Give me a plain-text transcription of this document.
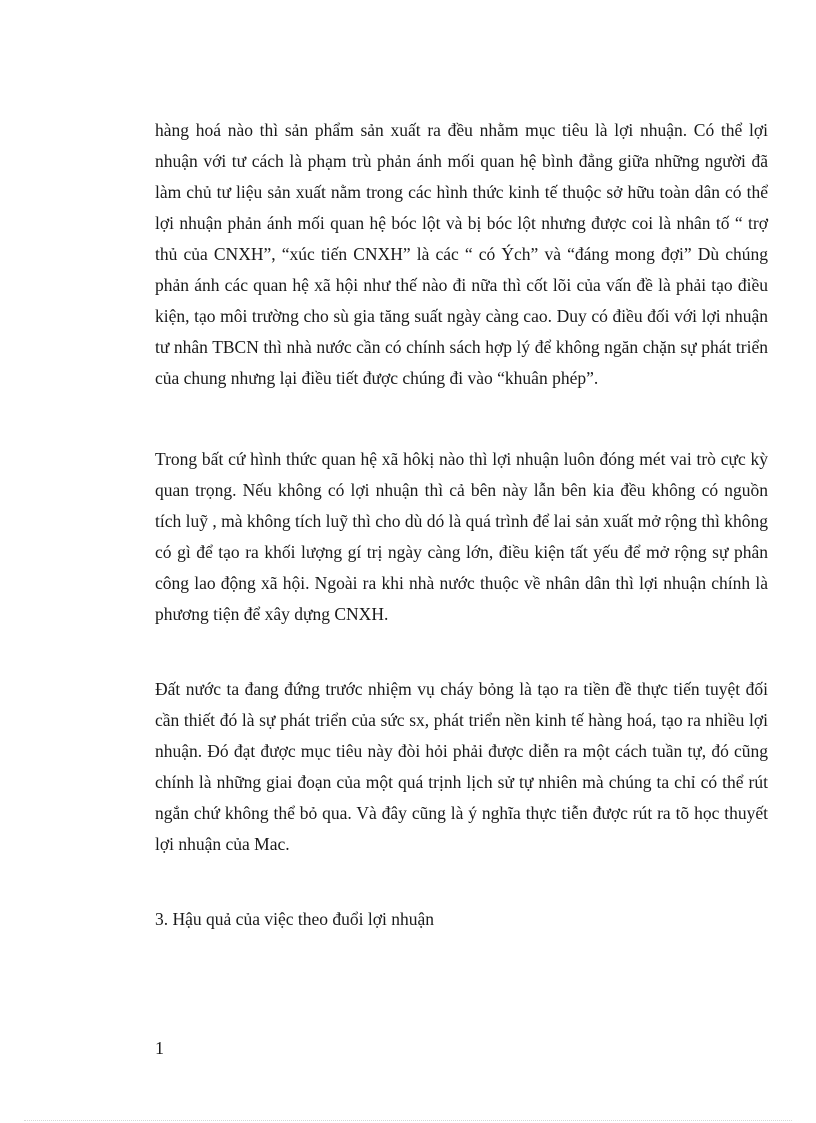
hàng hoá nào thì sản phẩm sản xuất ra đều nhằm mục tiêu là lợi nhuận. Có thể lợi nhuận với tư cách là phạm trù phản ánh mối quan hệ bình đẳng giữa những người đã làm chủ tư liệu sản xuất nằm trong các hình thức kinh tế thuộc sở hữu toàn dân có thể lợi nhuận phản ánh mối quan hệ bóc lột và bị bóc lột nhưng được coi là nhân tố “ trợ thủ của CNXH”, “xúc tiến CNXH” là các “ có Ých” và “đáng mong đợi” Dù chúng phản ánh các quan hệ xã hội như thế nào đi nữa thì cốt lõi của vấn đề là phải tạo điều kiện, tạo môi trường cho sù gia tăng suất ngày càng cao. Duy có điều đối với lợi nhuận tư nhân TBCN thì nhà nước cần có chính sách hợp lý để không ngăn chặn sự phát triển của chung nhưng lại điều tiết được chúng đi vào “khuân phép”.

Trong bất cứ hình thức quan hệ xã hôkị nào thì lợi nhuận luôn đóng mét vai trò cực kỳ quan trọng. Nếu không có lợi nhuận thì cả bên này lẫn bên kia đều không có nguồn tích luỹ , mà không tích luỹ thì cho dù dó là quá trình để lai sản xuất mở rộng thì không có gì để tạo ra khối lượng gí trị ngày càng lớn, điều kiện tất yếu để mở rộng sự phân công lao động xã hội. Ngoài ra khi nhà nước thuộc về nhân dân thì lợi nhuận chính là phương tiện để xây dựng CNXH.

Đất nước ta đang đứng trước nhiệm vụ cháy bỏng là tạo ra tiền đề thực tiến tuyệt đối cần thiết đó là sự phát triển của sức sx, phát triển nền kinh tế hàng hoá, tạo ra nhiều lợi nhuận. Đó đạt được mục tiêu này đòi hỏi phải được diễn ra một cách tuần tự, đó cũng chính là những giai đoạn của một quá trịnh lịch sử tự nhiên mà chúng ta chỉ có thể rút ngắn chứ không thể bỏ qua. Và đây cũng là ý nghĩa thực tiễn được rút ra tõ học thuyết lợi nhuận của Mac.

3. Hậu quả của việc theo đuổi lợi nhuận

1
